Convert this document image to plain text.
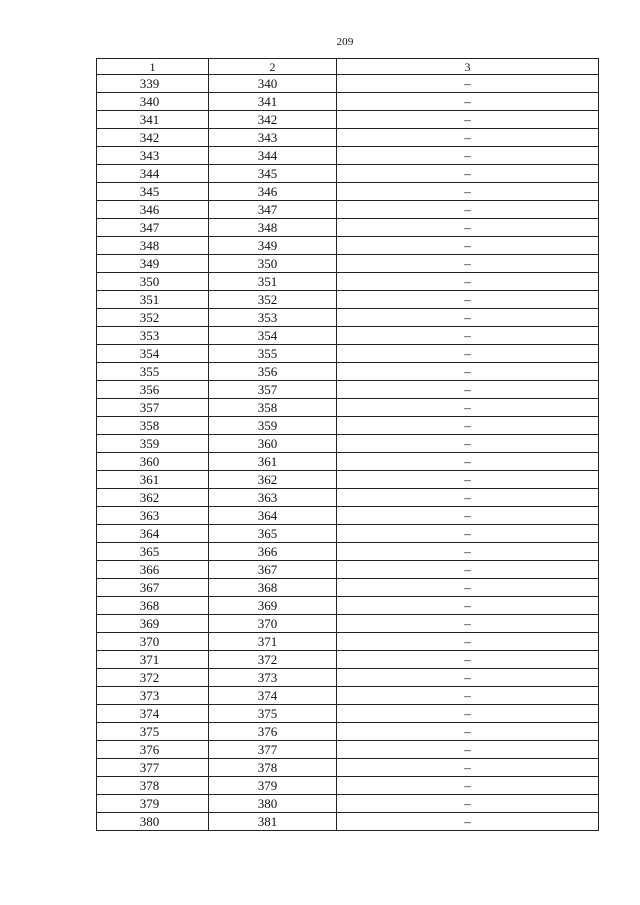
209
1	2	3
339	340	–
340	341	–
341	342	–
342	343	–
343	344	–
344	345	–
345	346	–
346	347	–
347	348	–
348	349	–
349	350	–
350	351	–
351	352	–
352	353	–
353	354	–
354	355	–
355	356	–
356	357	–
357	358	–
358	359	–
359	360	–
360	361	–
361	362	–
362	363	–
363	364	–
364	365	–
365	366	–
366	367	–
367	368	–
368	369	–
369	370	–
370	371	–
371	372	–
372	373	–
373	374	–
374	375	–
375	376	–
376	377	–
377	378	–
378	379	–
379	380	–
380	381	–
